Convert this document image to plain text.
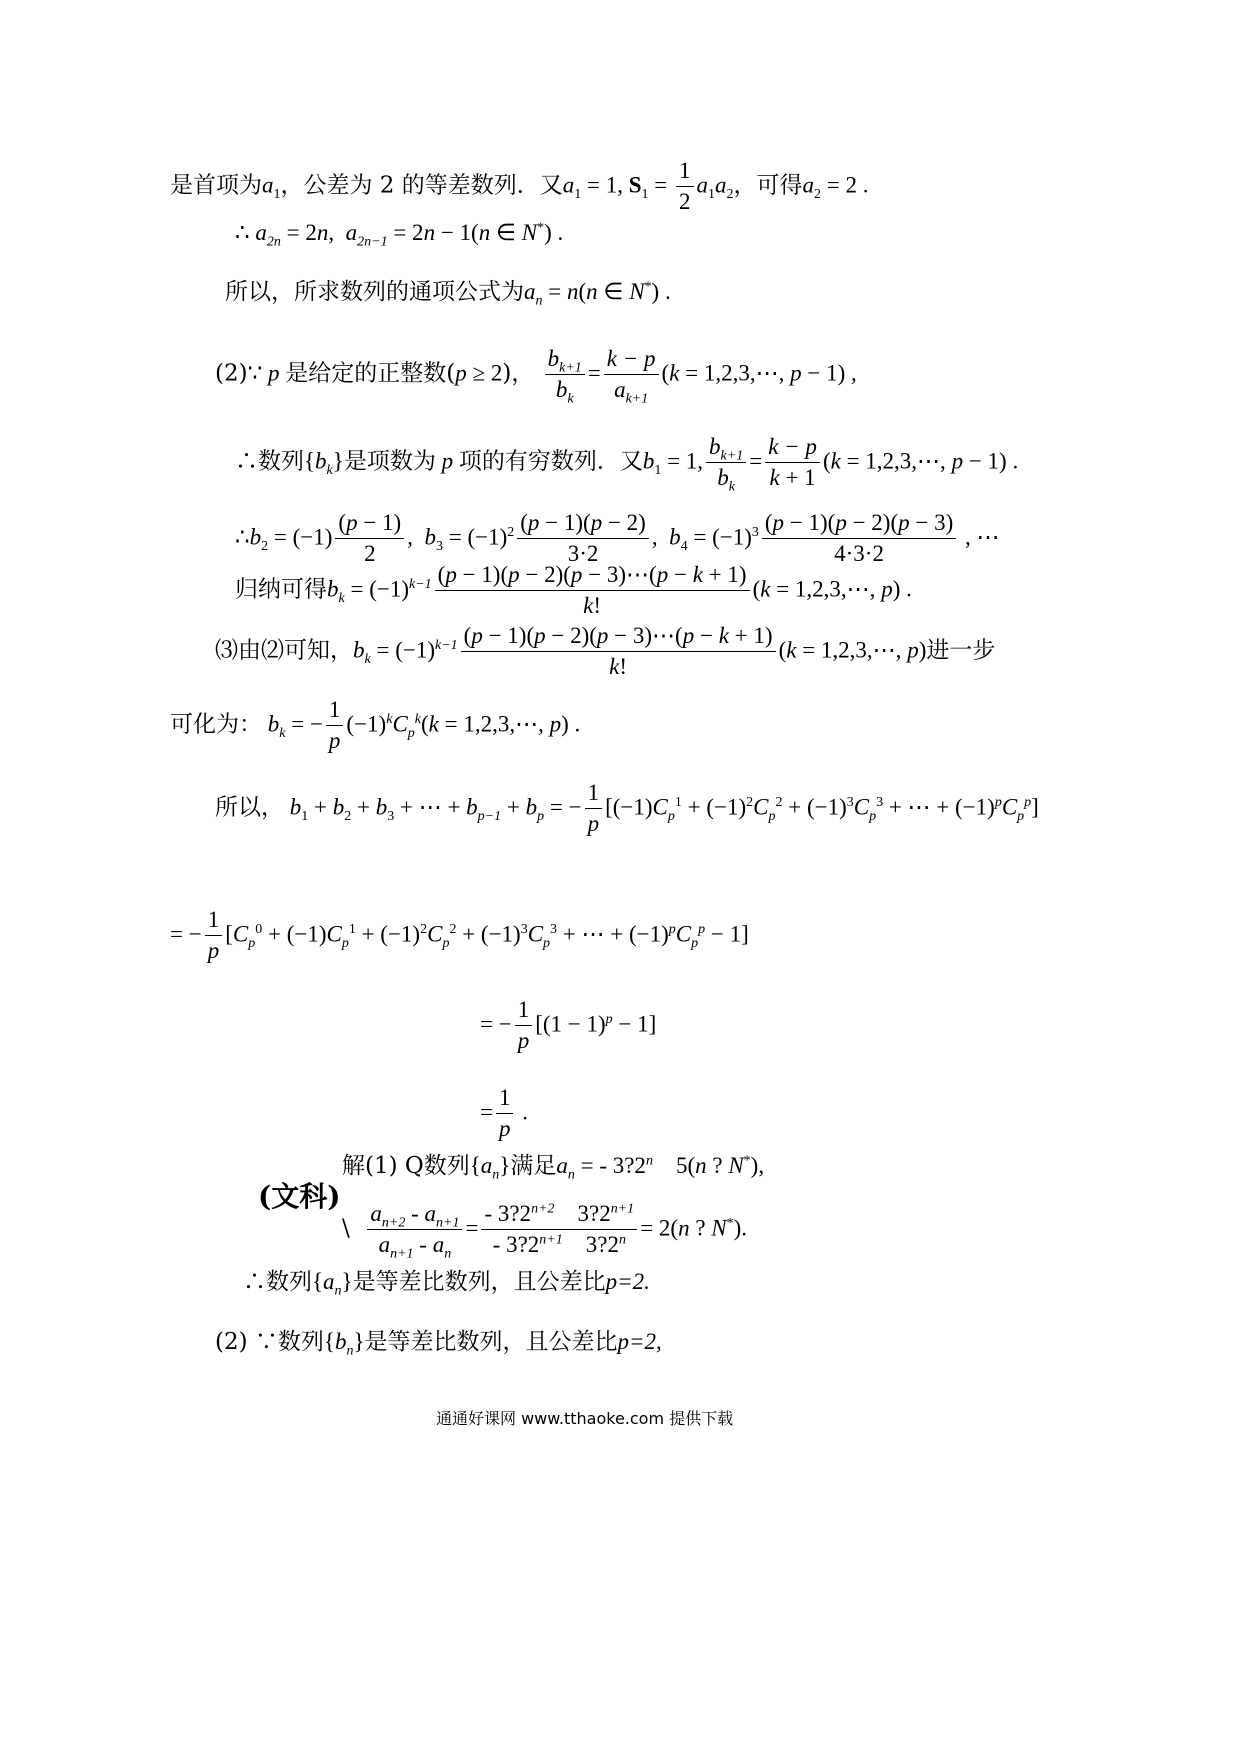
是首项为$a_1$，公差为 2 的等差数列．又$a_1 = 1$, $S_1 = \frac{1}{2} a_1a_2$，可得$a_2 = 2$ .
∴ $a_{2n} = 2n$,  $a_{2n-1} = 2n - 1(n$ ∈ N*) .
所以，所求数列的通项公式为$a_n = n(n$ ∈ N*) .
(2)∵ p 是给定的正整数(p ≥ 2)， $\frac{b_{k+1}}{b_k} = \frac{k - p}{a_{k+1}} (k$ = 1,2,3,⋯, p − 1) ,
∴数列$\{b_k\}$是项数为 p 项的有穷数列．又$b_1 = 1$, $\frac{b_{k+1}}{b_k} = \frac{k - p}{k + 1} (k$ = 1,2,3,⋯, p − 1) .
$\therefore b_2 = (-1) \frac{(p - 1)}{2}$ ,  $b_3 = (-1)^2 \frac{(p - 1)(p - 2)}{3\cdot 2}$ ,  $b_4 = (-1)^3 \frac{(p - 1)(p - 2)(p - 3)}{4\cdot 3\cdot 2}$ , ⋯
归纳可得$b_k = (-1)^{k-1} \frac{(p - 1)(p - 2)(p - 3)\cdots(p - k + 1)}{k!} (k$ = 1,2,3,⋯, p) .
⑶由⑵可知，$b_k = (-1)^{k-1} \frac{(p - 1)(p - 2)(p - 3)\cdots(p - k + 1)}{k!} (k$ = 1,2,3,⋯, p)进一步
可化为： $b_k$ = − $\frac{1}{p} (-1)^kC_p^k(k$ = 1,2,3,⋯, p) .
所以， $b_1 + b_2 + b_3$ + ⋯ + $b_{p-1} + b_p$ = − $\frac{1}{p} [(-1)C_p^1 + (-1)^2C_p^2 + (-1)^3C_p^3$ + ⋯ + $(-1)^pC_p^p$]
= − $\frac{1}{p} [C_p^0 + (-1)C_p^1 + (-1)^2C_p^2 + (-1)^3C_p^3$ + ⋯ + $(-1)^pC_p^p - 1$]
= − $\frac{1}{p} [(1 - 1)^p - 1]$
= $\frac{1}{p}$ .
(文科)
解(1) Q数列$\{a_n\}$满足$a_n$ = - 3?2$^n$    5(n ? N*),
\ $\frac{a_{n+2} - a_{n+1}}{a_{n+1} - a_n} = \frac{- 3?2^{n+2} 3?2^{n+1}}{- 3?2^{n+1} 3?2^n} = 2(n$ ? N*).
∴数列$\{a_n\}$是等差比数列，且公差比p=2.
(2) ∵数列$\{b_n\}$是等差比数列，且公差比p=2,
通通好课网 www.tthaoke.com 提供下载
